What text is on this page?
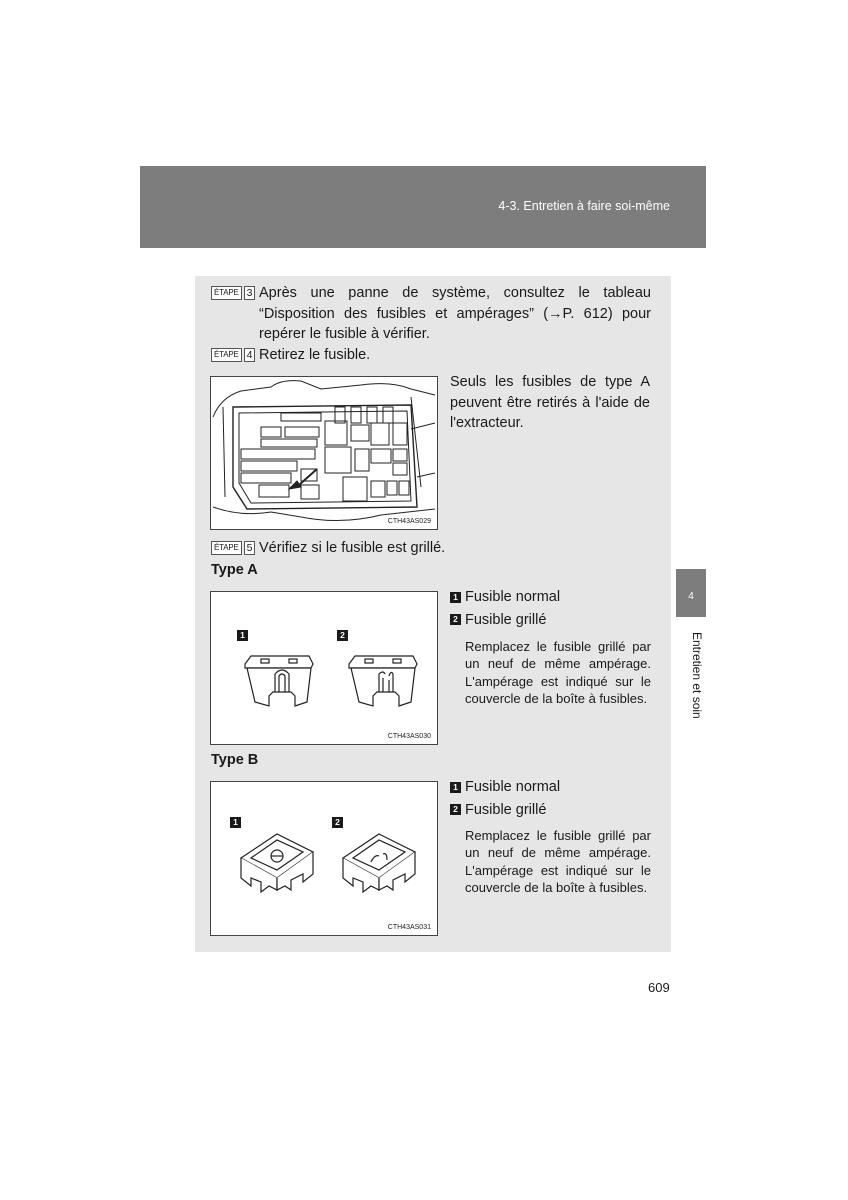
4-3. Entretien à faire soi-même
ÉTAPE 3 Après une panne de système, consultez le tableau “Disposition des fusibles et ampérages” (→P. 612) pour repérer le fusible à vérifier.
ÉTAPE 4 Retirez le fusible.
CTH43AS029
Seuls les fusibles de type A peuvent être retirés à l'aide de l'extracteur.
ÉTAPE 5 Vérifiez si le fusible est grillé.
Type A
1	2
CTH43AS030
1 Fusible normal
2 Fusible grillé
Remplacez le fusible grillé par un neuf de même ampérage. L'ampérage est indiqué sur le couvercle de la boîte à fusibles.
Type B
1	2
CTH43AS031
1 Fusible normal
2 Fusible grillé
Remplacez le fusible grillé par un neuf de même ampérage. L'ampérage est indiqué sur le couvercle de la boîte à fusibles.
4
Entretien et soin
609
